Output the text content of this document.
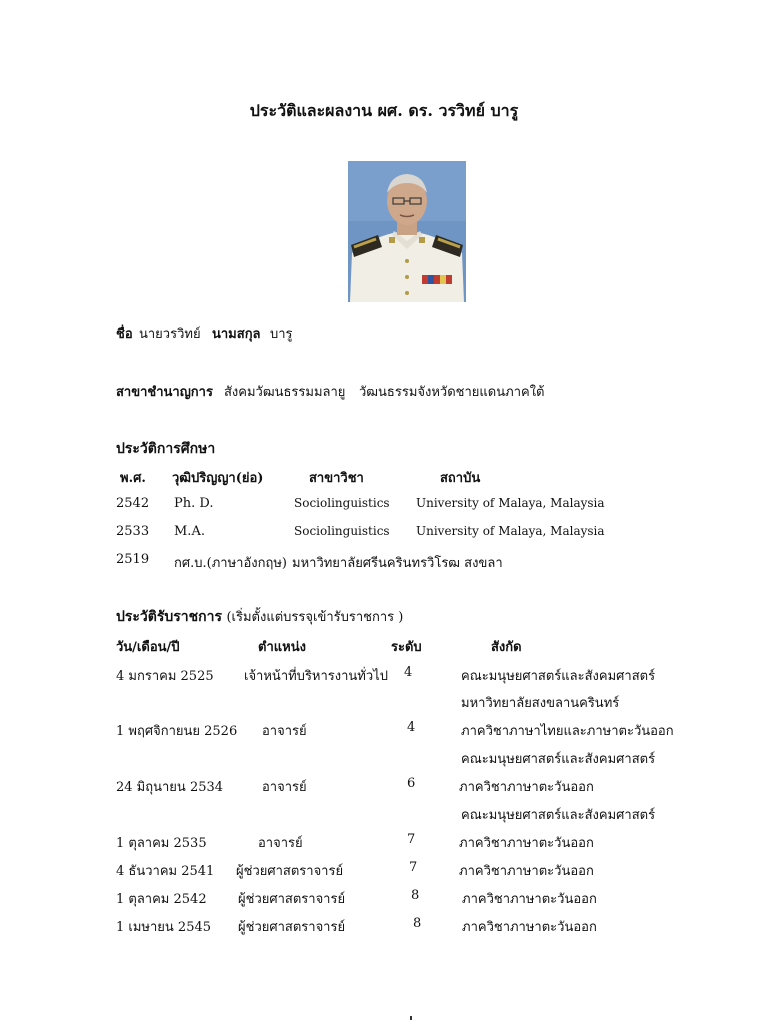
ประวัติและผลงาน ผศ. ดร. วรวิทย์ บารู
ชื่อ นายวรวิทย์ นามสกุล บารู
สาขาชำนาญการ สังคมวัฒนธรรมมลายู วัฒนธรรมจังหวัดชายแดนภาคใต้
ประวัติการศึกษา
พ.ศ. วุฒิปริญญา(ย่อ)	สาขาวิชา	สถาบัน
2542 Ph. D.	Sociolinguistics University of Malaya, Malaysia
2533 M.A.	Sociolinguistics University of Malaya, Malaysia
2519 กศ.บ.(ภาษาอังกฤษ) มหาวิทยาลัยศรีนครินทรวิโรฒ สงขลา
ประวัติรับราชการ (เริ่มตั้งแต่บรรจุเข้ารับราชการ )
วัน/เดือน/ปี	ตำแหน่ง	ระดับ	สังกัด
4 มกราคม 2525 เจ้าหน้าที่บริหารงานทั่วไป 4	คณะมนุษยศาสตร์และสังคมศาสตร์
มหาวิทยาลัยสงขลานครินทร์
1 พฤศจิกายนย 2526 อาจารย์	4	ภาควิชาภาษาไทยและภาษาตะวันออก
คณะมนุษยศาสตร์และสังคมศาสตร์
24 มิถุนายน 2534	อาจารย์	6	ภาควิชาภาษาตะวันออก
คณะมนุษยศาสตร์และสังคมศาสตร์
1 ตุลาคม 2535	อาจารย์	7	ภาควิชาภาษาตะวันออก
4 ธันวาคม 2541 ผู้ช่วยศาสตราจารย์	7	ภาควิชาภาษาตะวันออก
1 ตุลาคม 2542 ผู้ช่วยศาสตราจารย์	8	ภาควิชาภาษาตะวันออก
1 เมษายน 2545 ผู้ช่วยศาสตราจารย์	8	ภาควิชาภาษาตะวันออก
